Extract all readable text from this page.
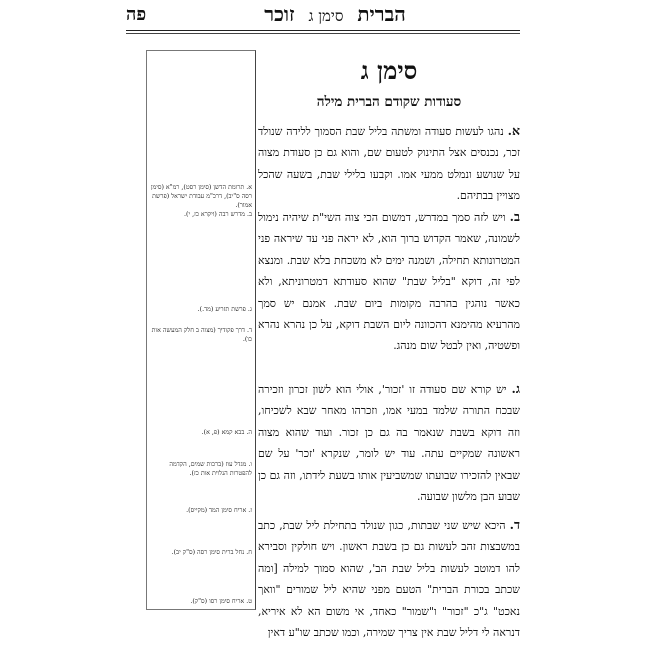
פה	הברית  סימן ג  זוכר
א. תרומת הדשן (סימן רסט), רמ"א (סימן רסה ס"יב), דרכ"מ עבודת ישראל (פרשת אמור).
ב. מדרש רבה (ויקרא כז, י).
ג. פרשת תזריע (מד.).
ד. דרך פקודיך (מצוה ב חלק המעשה אות כו).
ה. בבא קמא (פ, א).
ו. מגדל עוז (ברכות שמים, הקדמה להפטרות הנלוית אות כז).
ז. אריח סימן המד (מקייס).
ח. נחל ברית סימן רסה (ס"ק יב).
ט. אריח סימן רסו (ס"ק).
סימן ג
סעודות שקודם הברית מילה
א. נהגו לעשות סעודה ומשתה בליל שבת הסמוך ללידה שנולד זכר, נכנסים אצל התינוק לטעום שם, והוא גם כן סעודת מצוה על שנושע ונמלט ממעי אמו. וקבעו בלילי שבת, בשעה שהכל מצויין בבתיהם.
ב. ויש לזה סמך במדרש, דמשום הכי צוה השי"ת שיהיה נימול לשמונה, שאמר הקדוש ברוך הוא, לא יראה פני עד שיראה פני המטרונותא תחילה, ושמנה ימים לא משכחת בלא שבת. ומנצא לפי זה, דוקא "בליל שבת" שהוא סעודתא דמטרוניתא, ולא כאשר נוהגין בהרבה מקומות ביום שבת. אמנם יש סמך מהרעיא מהימנא דהכוונה ליום השבת דוקא, על כן נהרא נהרא ופשטיה, ואין לבטל שום מנהג.
ג. יש קורא שם סעודה זו 'זכור', אולי הוא לשון זכרון וזכירה שבכח התורה שלמד במעי אמו, וזכרהו מאחר שבא לשכיחו, וזה דוקא בשבת שנאמר בה גם כן זכור. ועוד שהוא מצוה ראשונה שמקיים עתה. עוד יש לומר, שנקרא 'זכר' על שם שבאין להזכירו שבועתו שמשביעין אותו בשעת לידתו, וזה גם כן שבוע הבן מלשון שבועה.
ד. היכא שיש שני שבתות, כגון שנולד בתחילת ליל שבת, כתב במשבצות זהב לעשות גם כן בשבת ראשון. ויש חולקין וסבירא להו דמוטב לעשות בליל שבת הב', שהוא סמוך למילה [ומה שכתב בכורת הברית" הטעם מפני שהיא ליל שמורים "וואך נאכט" ג"כ "זכור" ו"שמור" כאחד, אי משום הא לא איריא, דנראה לי דליל שבת אין צריך שמירה, וכמו שכתב שו"ע דאין
